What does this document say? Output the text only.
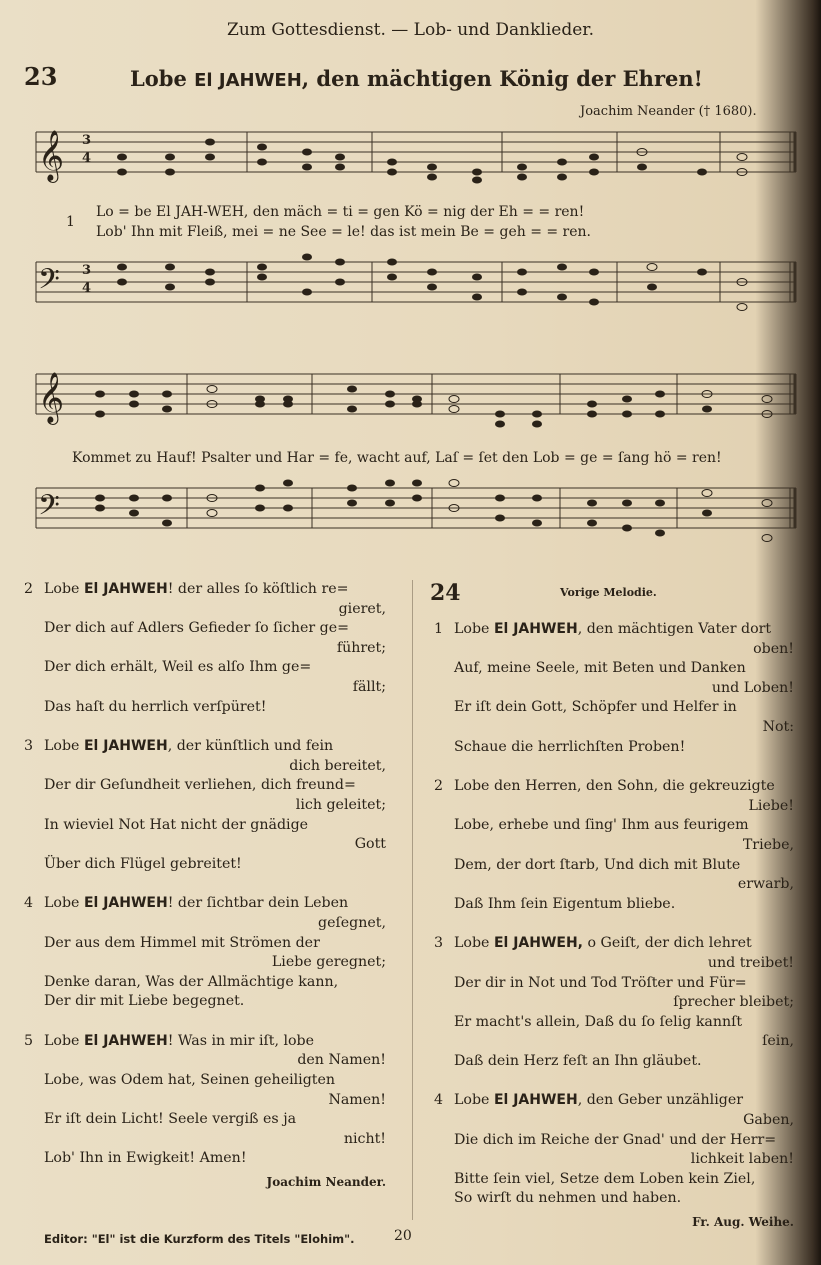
Zum Gottesdienst. — Lob- und Danklieder.
23	Lobe El JAHWEH, den mächtigen König der Ehren!
Joachim Neander († 1680).
𝄞 3
4
1
Lo = be El JAH-WEH, den mäch = ti = gen Kö = nig der Eh = = ren!
Lob' Ihn mit Fleiß, mei = ne See = le! das ist mein Be = geh = = ren.
𝄢 3
4
𝄞
Kommet zu Hauf! Psalter und Har = fe, wacht auf, Laſ = ſet den Lob = ge = ſang hö = ren!
𝄢
2 Lobe El JAHWEH! der alles ſo köſtlich re=

gieret,

Der dich auf Adlers Gefieder ſo ſicher ge=

führet;

Der dich erhält, Weil es alſo Ihm ge=

fällt;

Das haſt du herrlich verſpüret!

3 Lobe El JAHWEH, der künſtlich und fein

dich bereitet,

Der dir Geſundheit verliehen, dich freund=

lich geleitet;

In wieviel Not Hat nicht der gnädige

Gott

Über dich Flügel gebreitet!

4 Lobe El JAHWEH! der ſichtbar dein Leben

geſegnet,

Der aus dem Himmel mit Strömen der

Liebe geregnet;

Denke daran, Was der Allmächtige kann,

Der dir mit Liebe begegnet.

5 Lobe El JAHWEH! Was in mir iſt, lobe

den Namen!

Lobe, was Odem hat, Seinen geheiligten

Namen!

Er iſt dein Licht! Seele vergiß es ja

nicht!

Lob' Ihn in Ewigkeit! Amen!

Joachim Neander.
24	Vorige Melodie.
1 Lobe El JAHWEH, den mächtigen Vater dort

oben!

Auf, meine Seele, mit Beten und Danken

und Loben!

Er iſt dein Gott, Schöpfer und Helfer in

Not:

Schaue die herrlichſten Proben!

2 Lobe den Herren, den Sohn, die gekreuzigte

Liebe!

Lobe, erhebe und ſing' Ihm aus feurigem

Triebe,

Dem, der dort ſtarb, Und dich mit Blute

erwarb,

Daß Ihm ſein Eigentum bliebe.

3 Lobe El JAHWEH, o Geiſt, der dich lehret

und treibet!

Der dir in Not und Tod Tröſter und Für=

ſprecher bleibet;

Er macht's allein, Daß du ſo ſelig kannſt

ſein,

Daß dein Herz feſt an Ihn gläubet.

4 Lobe El JAHWEH, den Geber unzähliger

Gaben,

Die dich im Reiche der Gnad' und der Herr=

lichkeit laben!

Bitte ſein viel, Setze dem Loben kein Ziel,

So wirſt du nehmen und haben.

Fr. Aug. Weihe.
20
Editor: "El" ist die Kurzform des Titels "Elohim".
